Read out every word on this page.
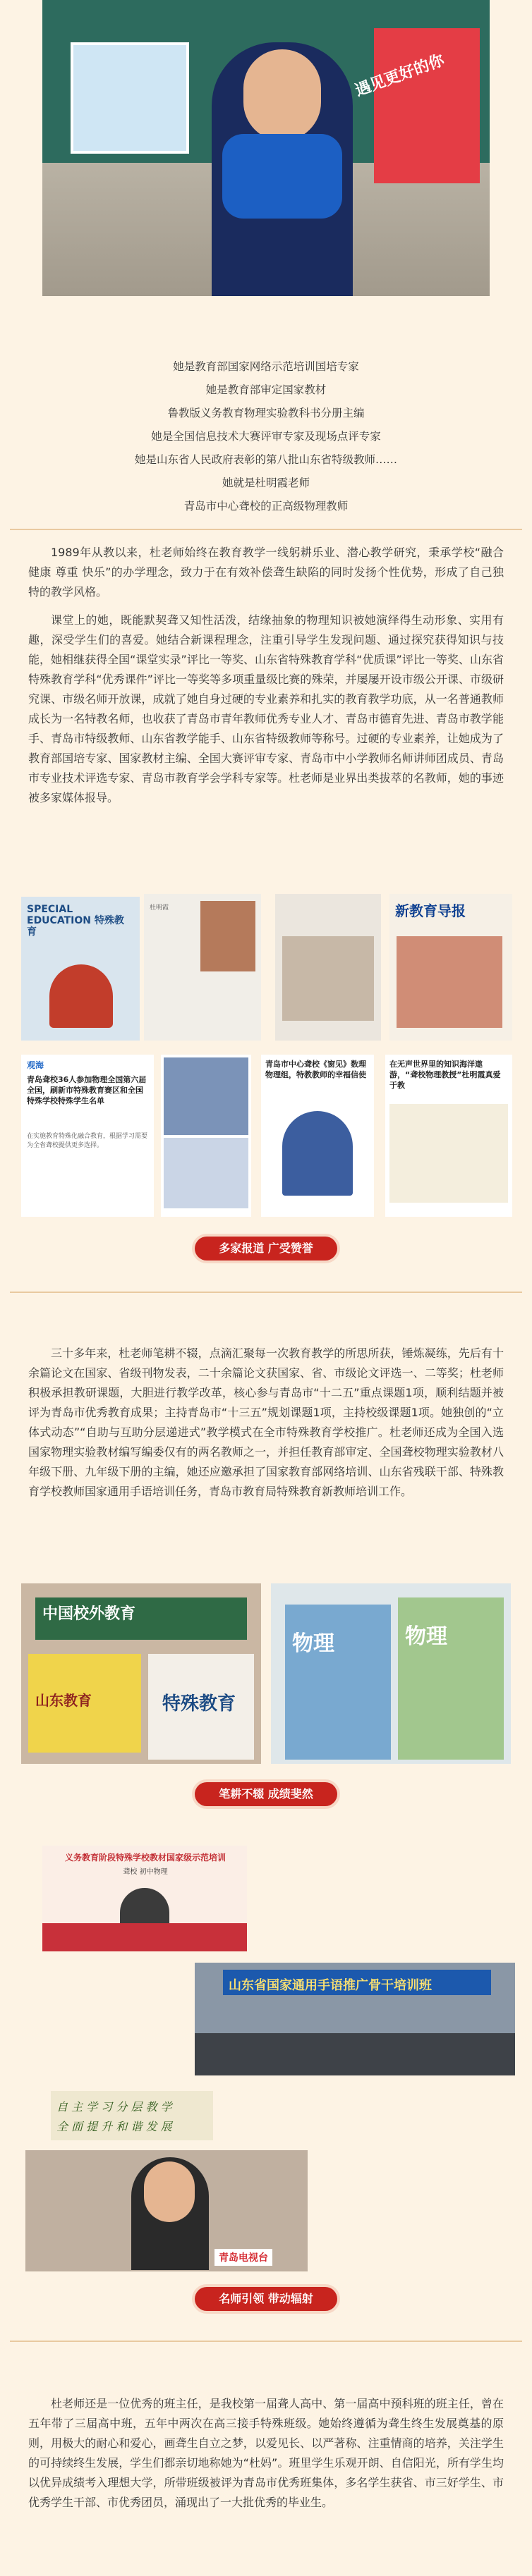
遇见更好的你
她是教育部国家网络示范培训国培专家
她是教育部审定国家教材
鲁教版义务教育物理实验教科书分册主编
她是全国信息技术大赛评审专家及现场点评专家
她是山东省人民政府表彰的第八批山东省特级教师……
她就是杜明霞老师
青岛市中心聋校的正高级物理教师
1989年从教以来，杜老师始终在教育教学一线躬耕乐业、潜心教学研究，秉承学校“融合 健康 尊重 快乐”的办学理念，致力于在有效补偿聋生缺陷的同时发扬个性优势，形成了自己独特的教学风格。
课堂上的她，既能默契聋又知性活泼，结缘抽象的物理知识被她演绎得生动形象、实用有趣，深受学生们的喜爱。她结合新课程理念，注重引导学生发现问题、通过探究获得知识与技能，她相继获得全国“课堂实录”评比一等奖、山东省特殊教育学科“优质课”评比一等奖、山东省特殊教育学科“优秀课件”评比一等奖等多项重量级比赛的殊荣，并屡屡开设市级公开课、市级研究课、市级名师开放课，成就了她自身过硬的专业素养和扎实的教育教学功底，从一名普通教师成长为一名特教名师，也收获了青岛市青年教师优秀专业人才、青岛市德育先进、青岛市教学能手、青岛市特级教师、山东省教学能手、山东省特级教师等称号。过硬的专业素养，让她成为了教育部国培专家、国家教材主编、全国大赛评审专家、青岛市中小学教师名师讲师团成员、青岛市专业技术评选专家、青岛市教育学会学科专家等。杜老师是业界出类拔萃的名教师，她的事迹被多家媒体报导。
SPECIAL EDUCATION 特殊教育
杜明霞	新教育导报
观海
青岛聋校36人参加物理全国第六届全国，刷新市特殊教育赛区和全国特殊学校特殊学生名单
在实施教育特殊化融合教育，根据学习需要为全省聋校提供更多选择。
青岛市中心聋校《窗见》数理物理组，特教教师的幸福信使
在无声世界里的知识海洋遨游，“聋校物理教授”杜明霞真爱于教
多家报道 广受赞誉
三十多年来，杜老师笔耕不辍，点滴汇聚每一次教育教学的所思所获，锤炼凝练，先后有十余篇论文在国家、省级刊物发表，二十余篇论文获国家、省、市级论文评选一、二等奖；杜老师积极承担教研课题，大胆进行教学改革，核心参与青岛市“十二五”重点课题1项，顺利结题并被评为青岛市优秀教育成果；主持青岛市“十三五”规划课题1项，主持校级课题1项。她独创的“立体式动态”“自助与互助分层递进式”教学模式在全市特殊教育学校推广。杜老师还成为全国入选国家物理实验教材编写编委仅有的两名教师之一，并担任教育部审定、全国聋校物理实验教材八年级下册、九年级下册的主编，她还应邀承担了国家教育部网络培训、山东省残联干部、特殊教育学校教师国家通用手语培训任务，青岛市教育局特殊教育新教师培训工作。
中国校外教育
山东教育	特殊教育
物理	物理
笔耕不辍 成绩斐然
义务教育阶段特殊学校教材国家级示范培训
聋校 初中物理
山东省国家通用手语推广骨干培训班
自 主 学 习 分 层 教 学
全 面 提 升 和 谐 发 展
青岛电视台
名师引领 带动辐射
杜老师还是一位优秀的班主任，是我校第一届聋人高中、第一届高中预科班的班主任，曾在五年带了三届高中班，五年中两次在高三接手特殊班级。她始终遵循为聋生终生发展奠基的原则，用极大的耐心和爱心，画聋生自立之梦，以爱见长、以严著称、注重情商的培养，关注学生的可持续终生发展，学生们都亲切地称她为“杜妈”。班里学生乐观开朗、自信阳光，所有学生均以优异成绩考入理想大学，所带班级被评为青岛市优秀班集体，多名学生获省、市三好学生、市优秀学生干部、市优秀团员，涌现出了一大批优秀的毕业生。
